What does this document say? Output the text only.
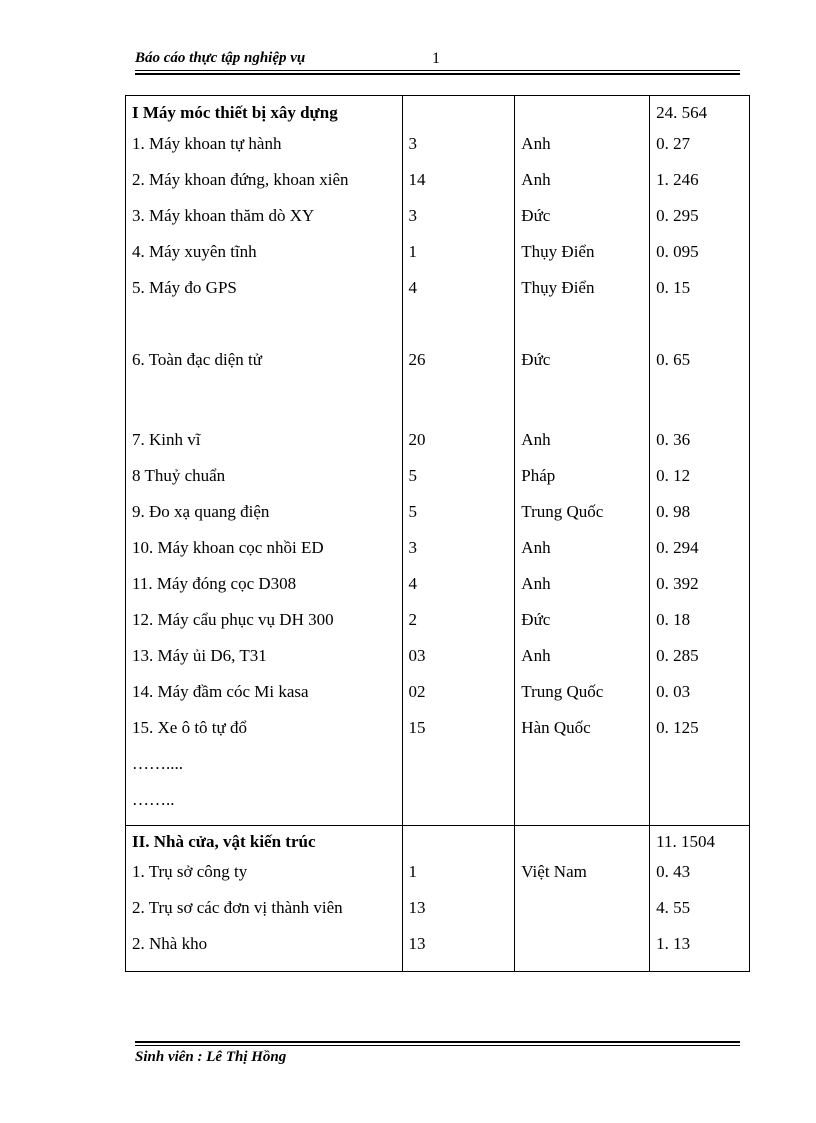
Báo cáo thực tập nghiệp vụ	1
I Máy móc thiết bị xây dựng			24. 564
1. Máy khoan tự hành	3	Anh	0. 27
2. Máy khoan đứng, khoan xiên	14	Anh	1. 246
3. Máy khoan thăm dò XY	3	Đức	0. 295
4. Máy xuyên tĩnh	1	Thụy Điển	0. 095
5. Máy đo GPS	4	Thụy Điển	0. 15

6. Toàn đạc diện tử	26	Đức	0. 65

7. Kinh vĩ	20	Anh	0. 36
8 Thuỷ chuẩn	5	Pháp	0. 12
9. Đo xạ quang điện	5	Trung Quốc	0. 98
10. Máy khoan cọc nhồi ED	3	Anh	0. 294
11. Máy đóng cọc D308	4	Anh	0. 392
12. Máy cẩu phục vụ DH 300	2	Đức	0. 18
13. Máy ủi D6, T31	03	Anh	0. 285
14. Máy đầm cóc Mi kasa	02	Trung Quốc	0. 03
15. Xe ô tô tự đổ	15	Hàn Quốc	0. 125
……....			
……..			
II. Nhà cửa, vật kiến trúc			11. 1504
1. Trụ sở công ty	1	Việt Nam	0. 43
2. Trụ sơ các đơn vị thành viên	13		4. 55
2. Nhà kho	13		1. 13
Sinh viên : Lê Thị Hồng
